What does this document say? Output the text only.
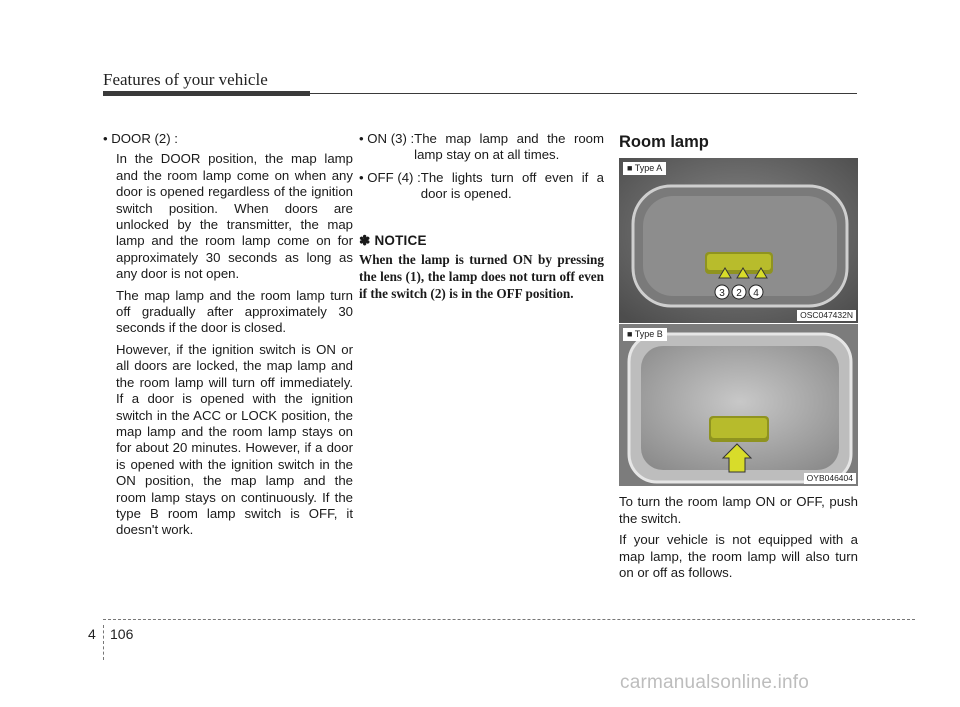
Features of your vehicle
• DOOR (2) :

In the DOOR position, the map lamp and the room lamp come on when any door is opened regardless of the ignition switch position. When doors are unlocked by the transmitter, the map lamp and the room lamp come on for approximately 30 seconds as long as any door is not open.

The map lamp and the room lamp turn off gradually after approximately 30 seconds if the door is closed.

However, if the ignition switch is ON or all doors are locked, the map lamp and the room lamp will turn off immediately. If a door is opened with the ignition switch in the ACC or LOCK position, the map lamp and the room lamp stays on for about 20 minutes. However, if a door is opened with the ignition switch in the ON position, the map lamp and the room lamp stays on continuously. If the type B room lamp switch is OFF, it doesn't work.

• ON (3) : The map lamp and the room lamp stay on at all times.
• OFF (4) : The lights turn off even if a door is opened.
✽ NOTICE
When the lamp is turned ON by pressing the lens (1), the lamp does not turn off even if the switch (2) is in the OFF position.
Room lamp
3 2 4
■ Type A
OSC047432N
■ Type B
OYB046404

To turn the room lamp ON or OFF, push the switch.

If your vehicle is not equipped with a map lamp, the room lamp will also turn on or off as follows.

4 106
carmanualsonline.info
